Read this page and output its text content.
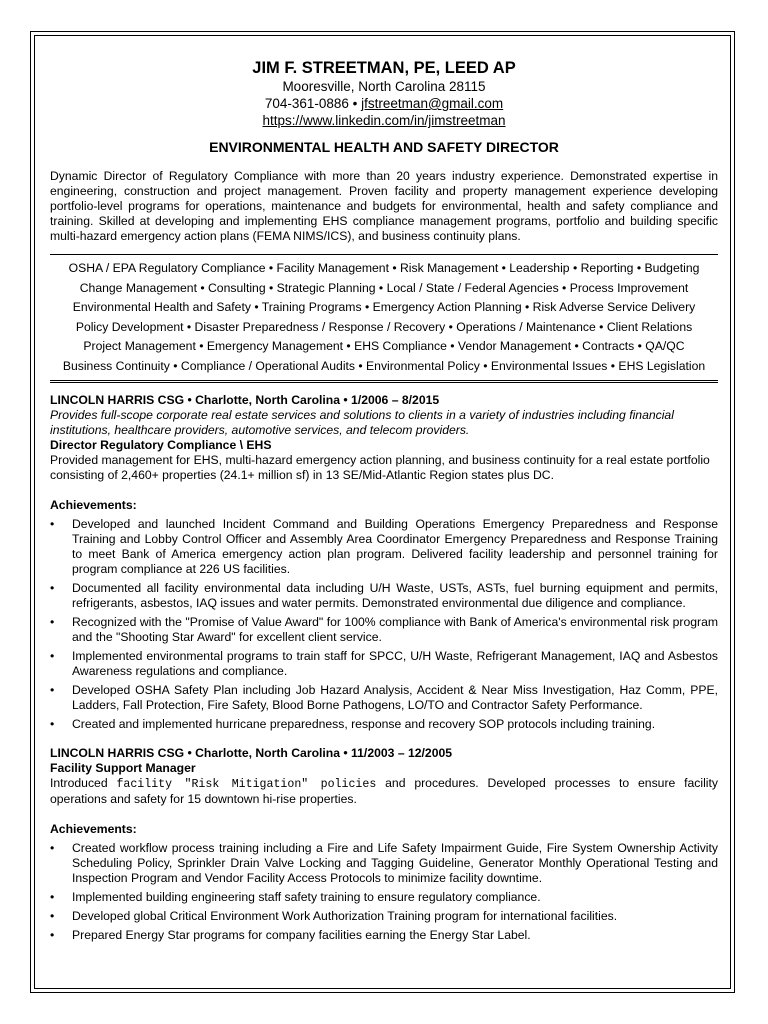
JIM F. STREETMAN, PE, LEED AP
Mooresville, North Carolina 28115
704-361-0886 • jfstreetman@gmail.com
https://www.linkedin.com/in/jimstreetman
ENVIRONMENTAL HEALTH AND SAFETY DIRECTOR
Dynamic Director of Regulatory Compliance with more than 20 years industry experience. Demonstrated expertise in engineering, construction and project management. Proven facility and property management experience developing portfolio-level programs for operations, maintenance and budgets for environmental, health and safety compliance and training. Skilled at developing and implementing EHS compliance management programs, portfolio and building specific multi-hazard emergency action plans (FEMA NIMS/ICS), and business continuity plans.
OSHA / EPA Regulatory Compliance • Facility Management • Risk Management • Leadership • Reporting • Budgeting
Change Management • Consulting • Strategic Planning • Local / State / Federal Agencies • Process Improvement
Environmental Health and Safety • Training Programs • Emergency Action Planning • Risk Adverse Service Delivery
Policy Development • Disaster Preparedness / Response / Recovery • Operations / Maintenance • Client Relations
Project Management • Emergency Management • EHS Compliance • Vendor Management • Contracts • QA/QC
Business Continuity • Compliance / Operational Audits • Environmental Policy • Environmental Issues • EHS Legislation
LINCOLN HARRIS CSG • Charlotte, North Carolina • 1/2006 – 8/2015
Provides full-scope corporate real estate services and solutions to clients in a variety of industries including financial institutions, healthcare providers, automotive services, and telecom providers.
Director Regulatory Compliance \ EHS
Provided management for EHS, multi-hazard emergency action planning, and business continuity for a real estate portfolio consisting of 2,460+ properties (24.1+ million sf) in 13 SE/Mid-Atlantic Region states plus DC.
Achievements:
• Developed and launched Incident Command and Building Operations Emergency Preparedness and Response Training and Lobby Control Officer and Assembly Area Coordinator Emergency Preparedness and Response Training to meet Bank of America emergency action plan program. Delivered facility leadership and personnel training for program compliance at 226 US facilities.
• Documented all facility environmental data including U/H Waste, USTs, ASTs, fuel burning equipment and permits, refrigerants, asbestos, IAQ issues and water permits. Demonstrated environmental due diligence and compliance.
• Recognized with the "Promise of Value Award" for 100% compliance with Bank of America's environmental risk program and the "Shooting Star Award" for excellent client service.
• Implemented environmental programs to train staff for SPCC, U/H Waste, Refrigerant Management, IAQ and Asbestos Awareness regulations and compliance.
• Developed OSHA Safety Plan including Job Hazard Analysis, Accident & Near Miss Investigation, Haz Comm, PPE, Ladders, Fall Protection, Fire Safety, Blood Borne Pathogens, LO/TO and Contractor Safety Performance.
• Created and implemented hurricane preparedness, response and recovery SOP protocols including training.
LINCOLN HARRIS CSG • Charlotte, North Carolina • 11/2003 – 12/2005
Facility Support Manager
Introduced facility "Risk Mitigation" policies and procedures. Developed processes to ensure facility operations and safety for 15 downtown hi-rise properties.
Achievements:
• Created workflow process training including a Fire and Life Safety Impairment Guide, Fire System Ownership Activity Scheduling Policy, Sprinkler Drain Valve Locking and Tagging Guideline, Generator Monthly Operational Testing and Inspection Program and Vendor Facility Access Protocols to minimize facility downtime.
• Implemented building engineering staff safety training to ensure regulatory compliance.
• Developed global Critical Environment Work Authorization Training program for international facilities.
• Prepared Energy Star programs for company facilities earning the Energy Star Label.
